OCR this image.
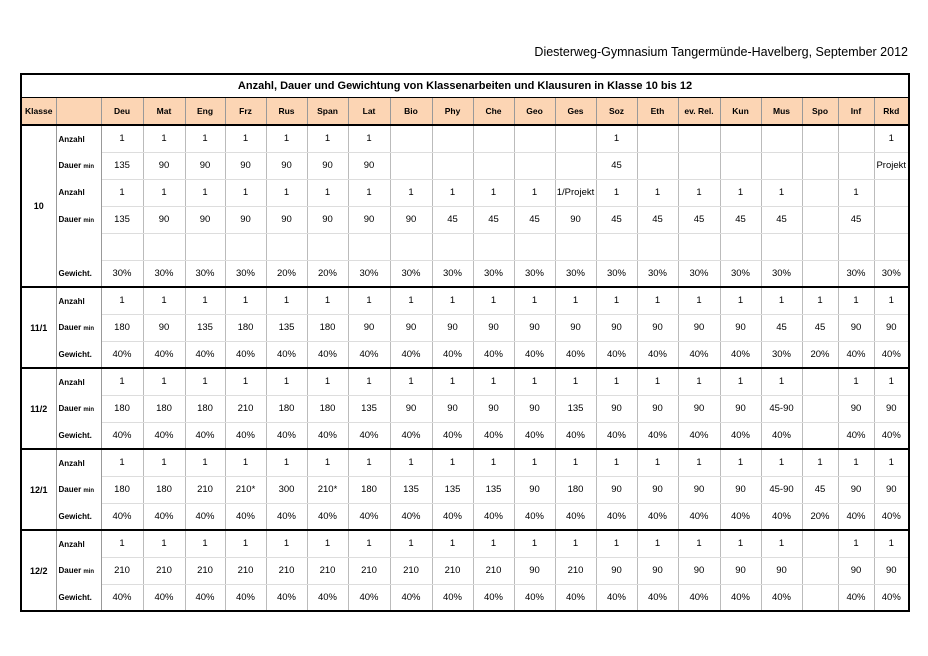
Diesterweg-Gymnasium Tangermünde-Havelberg, September 2012
Anzahl, Dauer und Gewichtung von Klassenarbeiten und Klausuren in Klasse 10 bis 12																					
Klasse		Deu	Mat	Eng	Frz	Rus	Span	Lat	Bio	Phy	Che	Geo	Ges	Soz	Eth	ev. Rel.	Kun	Mus	Spo	Inf	Rkd
10	Anzahl	1	1	1	1	1	1	1						1							1
	Dauer min	135	90	90	90	90	90	90						45							Projekt
	Anzahl	1	1	1	1	1	1	1	1	1	1	1	1/Projekt	1	1	1	1	1		1	
	Dauer min	135	90	90	90	90	90	90	90	45	45	45	90	45	45	45	45	45		45	

	Gewicht.	30%	30%	30%	30%	20%	20%	30%	30%	30%	30%	30%	30%	30%	30%	30%	30%	30%		30%	30%
11/1	Anzahl	1	1	1	1	1	1	1	1	1	1	1	1	1	1	1	1	1	1	1	1
	Dauer min	180	90	135	180	135	180	90	90	90	90	90	90	90	90	90	90	45	45	90	90
	Gewicht.	40%	40%	40%	40%	40%	40%	40%	40%	40%	40%	40%	40%	40%	40%	40%	40%	30%	20%	40%	40%
11/2	Anzahl	1	1	1	1	1	1	1	1	1	1	1	1	1	1	1	1	1		1	1
	Dauer min	180	180	180	210	180	180	135	90	90	90	90	135	90	90	90	90	45-90		90	90
	Gewicht.	40%	40%	40%	40%	40%	40%	40%	40%	40%	40%	40%	40%	40%	40%	40%	40%	40%		40%	40%
12/1	Anzahl	1	1	1	1	1	1	1	1	1	1	1	1	1	1	1	1	1	1	1	1
	Dauer min	180	180	210	210*	300	210*	180	135	135	135	90	180	90	90	90	90	45-90	45	90	90
	Gewicht.	40%	40%	40%	40%	40%	40%	40%	40%	40%	40%	40%	40%	40%	40%	40%	40%	40%	20%	40%	40%
12/2	Anzahl	1	1	1	1	1	1	1	1	1	1	1	1	1	1	1	1	1		1	1
	Dauer min	210	210	210	210	210	210	210	210	210	210	90	210	90	90	90	90	90		90	90
	Gewicht.	40%	40%	40%	40%	40%	40%	40%	40%	40%	40%	40%	40%	40%	40%	40%	40%	40%		40%	40%
